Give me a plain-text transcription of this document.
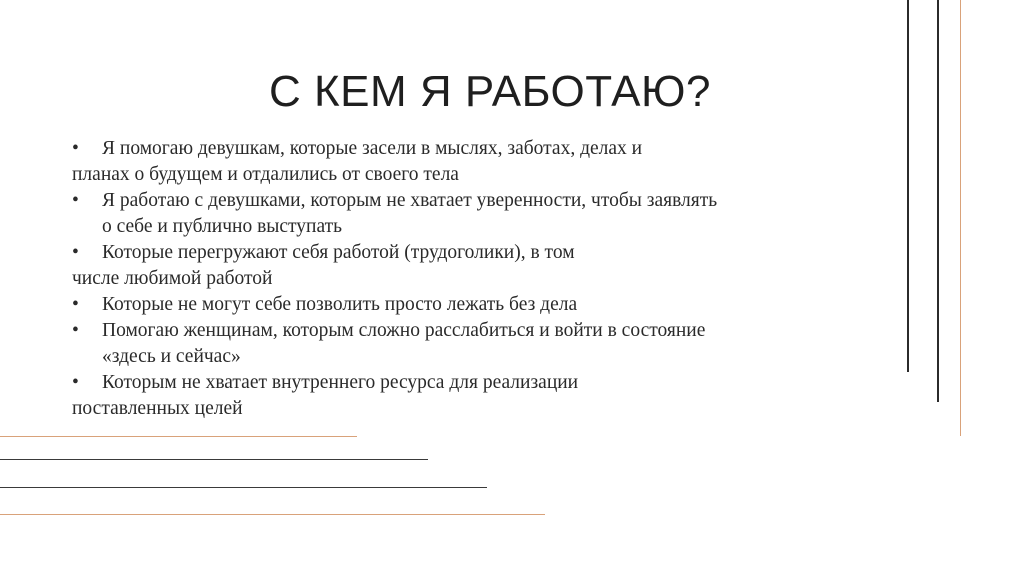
С КЕМ Я РАБОТАЮ?
• Я помогаю девушкам, которые засели в мыслях, заботах, делах и
планах о будущем и отдалились от своего тела
• Я работаю с девушками, которым не хватает уверенности, чтобы заявлять
о себе и публично выступать
• Которые перегружают себя работой (трудоголики), в том
числе любимой работой
• Которые не могут себе позволить просто лежать без дела
• Помогаю женщинам, которым сложно расслабиться и войти в состояние
«здесь и сейчас»
• Которым не хватает внутреннего ресурса для реализации
поставленных целей
